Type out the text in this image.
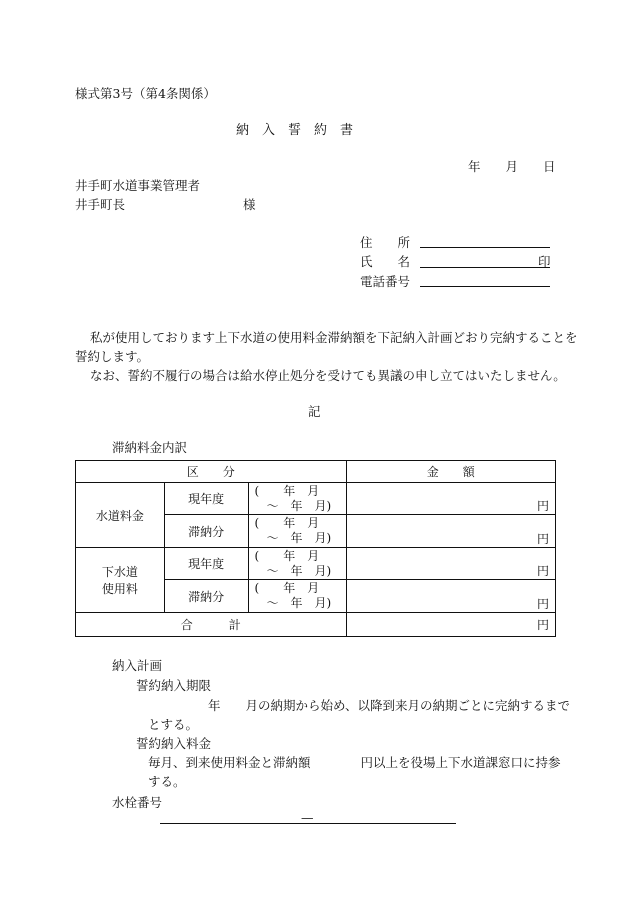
様式第3号（第4条関係）
納　入　誓　約　書
年　　月　　日
井手町水道事業管理者
井手町長	様
住　　所
氏　　名	印
電話番号
私が使用しております上下水道の使用料金滞納額を下記納入計画どおり完納することを
誓約します。
なお、誓約不履行の場合は給水停止処分を受けても異議の申し立てはいたしません。
記
滞納料金内訳
区　　分			金　　額
水道料金	現年度	(　　年　月
　～　年　月)	円
	滞納分	(　　年　月
　～　年　月)	円

下水道
使用料	現年度	(　　年　月
　～　年　月)	円
	滞納分	(　　年　月
　～　年　月)	円
合　　　計			円
納入計画
誓約納入期限
年　　月の納期から始め、以降到来月の納期ごとに完納するまで
とする。
誓約納入料金
毎月、到来使用料金と滞納額　　　　円以上を役場上下水道課窓口に持参
する。
水栓番号
—
